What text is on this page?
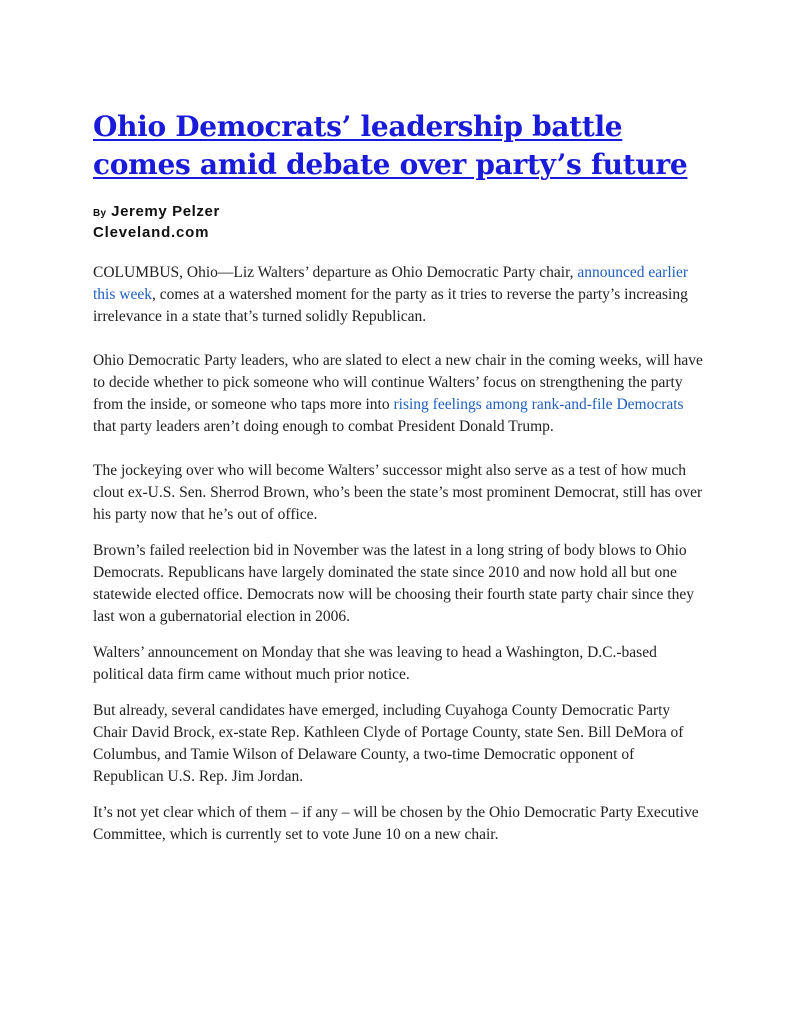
Ohio Democrats’ leadership battle comes amid debate over party’s future
By Jeremy Pelzer
Cleveland.com

COLUMBUS, Ohio—Liz Walters’ departure as Ohio Democratic Party chair, announced earlier this week, comes at a watershed moment for the party as it tries to reverse the party’s increasing irrelevance in a state that’s turned solidly Republican.

Ohio Democratic Party leaders, who are slated to elect a new chair in the coming weeks, will have to decide whether to pick someone who will continue Walters’ focus on strengthening the party from the inside, or someone who taps more into rising feelings among rank-and-file Democrats that party leaders aren’t doing enough to combat President Donald Trump.

The jockeying over who will become Walters’ successor might also serve as a test of how much clout ex-U.S. Sen. Sherrod Brown, who’s been the state’s most prominent Democrat, still has over his party now that he’s out of office.

Brown’s failed reelection bid in November was the latest in a long string of body blows to Ohio Democrats. Republicans have largely dominated the state since 2010 and now hold all but one statewide elected office. Democrats now will be choosing their fourth state party chair since they last won a gubernatorial election in 2006.

Walters’ announcement on Monday that she was leaving to head a Washington, D.C.-based political data firm came without much prior notice.

But already, several candidates have emerged, including Cuyahoga County Democratic Party Chair David Brock, ex-state Rep. Kathleen Clyde of Portage County, state Sen. Bill DeMora of Columbus, and Tamie Wilson of Delaware County, a two-time Democratic opponent of Republican U.S. Rep. Jim Jordan.

It’s not yet clear which of them – if any – will be chosen by the Ohio Democratic Party Executive Committee, which is currently set to vote June 10 on a new chair.
